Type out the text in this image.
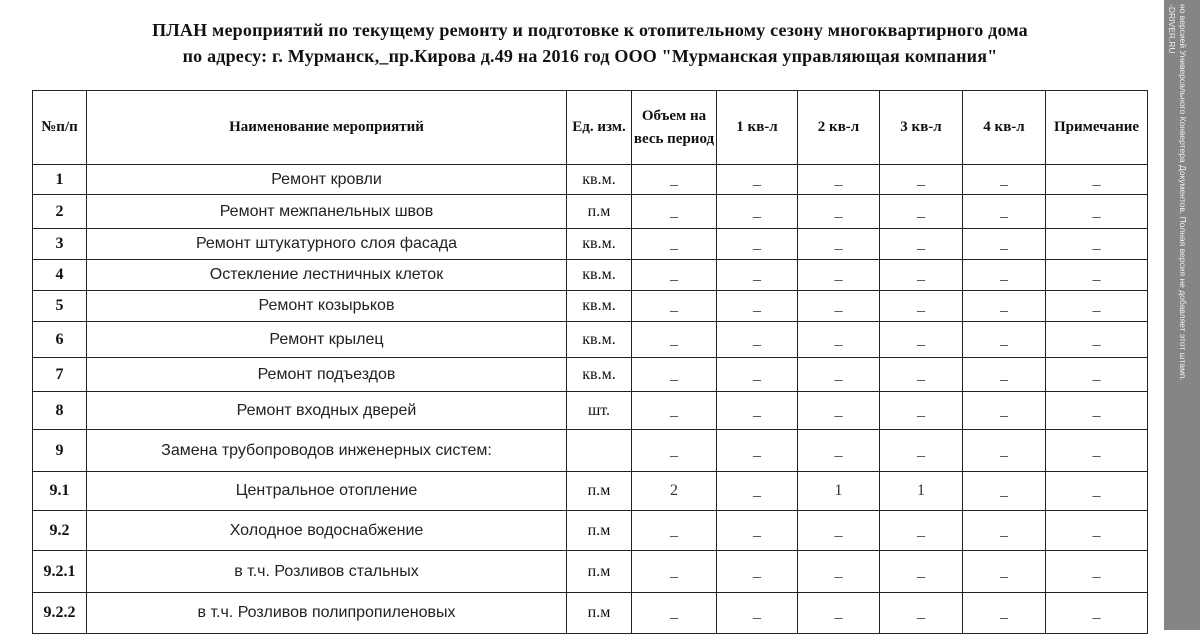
ПЛАН мероприятий по текущему ремонту и подготовке к отопительному сезону многоквартирного дома
по адресу: г. Мурманск,_пр.Кирова д.49 на 2016 год ООО "Мурманская управляющая компания"
№п/п	Наименование мероприятий	Ед. изм.	Объем на весь период	1 кв-л	2 кв-л	3 кв-л	4 кв-л	Примечание
1	Ремонт кровли	кв.м.	_	_	_	_	_	_
2	Ремонт межпанельных швов	п.м	_	_	_	_	_	_
3	Ремонт штукатурного слоя фасада	кв.м.	_	_	_	_	_	_
4	Остекление лестничных клеток	кв.м.	_	_	_	_	_	_
5	Ремонт козырьков	кв.м.	_	_	_	_	_	_
6	Ремонт крылец	кв.м.	_	_	_	_	_	_
7	Ремонт подъездов	кв.м.	_	_	_	_	_	_
8	Ремонт входных дверей	шт.	_	_	_	_	_	_
9	Замена трубопроводов инженерных систем:		_	_	_	_	_	_
9.1	Центральное отопление	п.м	2	_	1	1	_	_
9.2	Холодное водоснабжение	п.м	_	_	_	_	_	_
9.2.1	в т.ч. Розливов стальных	п.м	_	_	_	_	_	_
9.2.2	в т.ч. Розливов полипропиленовых	п.м	_	_	_	_	_	_
но версией Универсального Конвертера Документов. Полная версия не добавляет этот штамп.
-DRIVER.RU
